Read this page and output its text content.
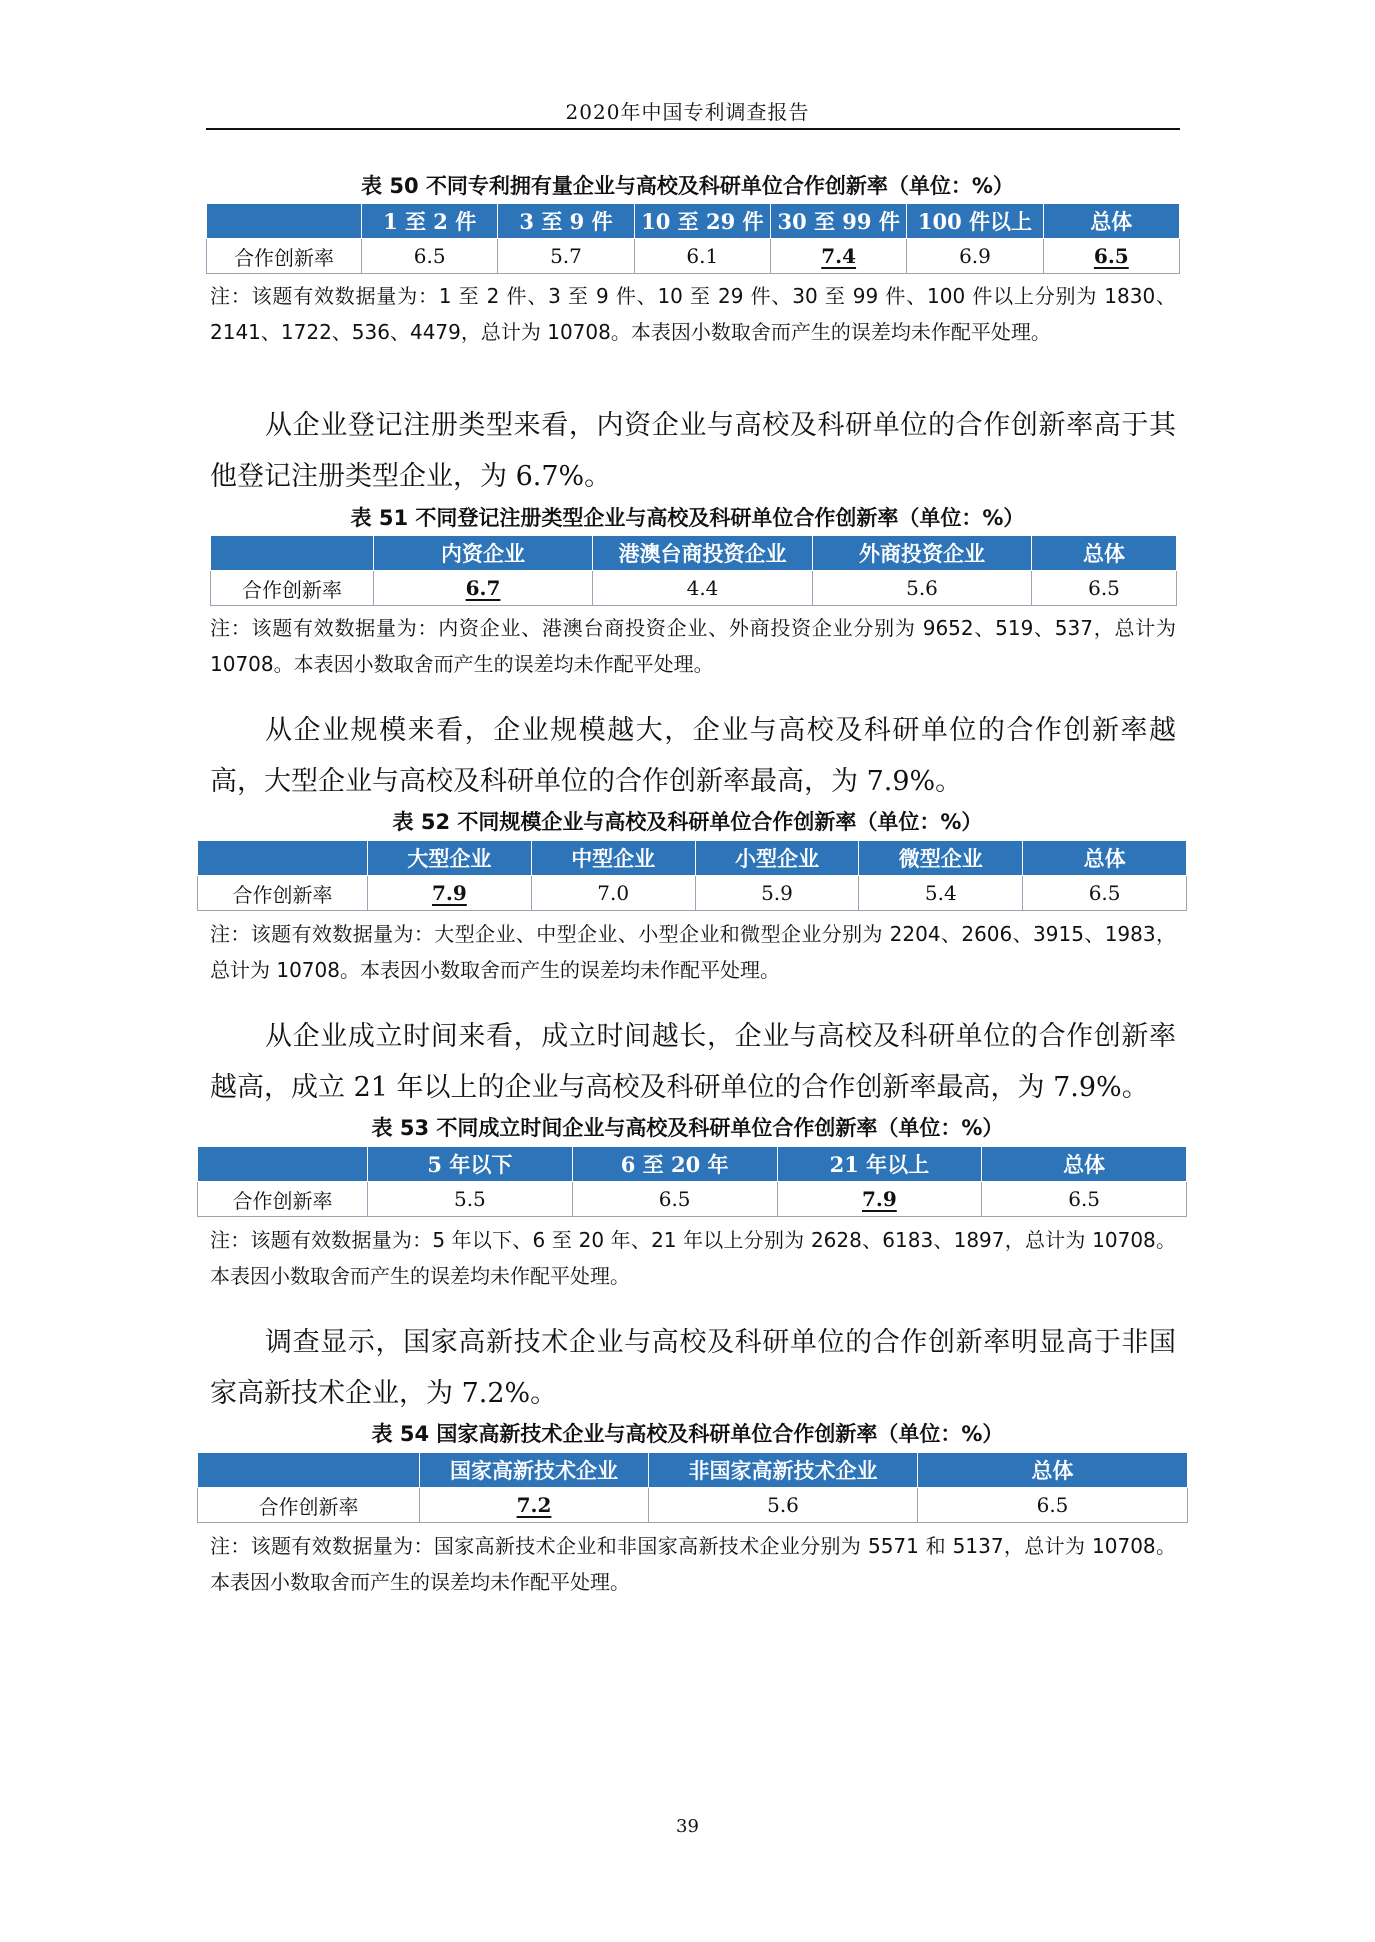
2020年中国专利调查报告
表 50 不同专利拥有量企业与高校及科研单位合作创新率（单位：%）
	1 至 2 件	3 至 9 件	10 至 29 件	30 至 99 件	100 件以上	总体
合作创新率	6.5	5.7	6.1	7.4	6.9	6.5
注：该题有效数据量为：1 至 2 件、3 至 9 件、10 至 29 件、30 至 99 件、100 件以上分别为 1830、2141、1722、536、4479，总计为 10708。本表因小数取舍而产生的误差均未作配平处理。
从企业登记注册类型来看，内资企业与高校及科研单位的合作创新率高于其他登记注册类型企业，为 6.7%。
表 51 不同登记注册类型企业与高校及科研单位合作创新率（单位：%）
	内资企业	港澳台商投资企业	外商投资企业	总体
合作创新率	6.7	4.4	5.6	6.5
注：该题有效数据量为：内资企业、港澳台商投资企业、外商投资企业分别为 9652、519、537，总计为 10708。本表因小数取舍而产生的误差均未作配平处理。
从企业规模来看，企业规模越大，企业与高校及科研单位的合作创新率越高，大型企业与高校及科研单位的合作创新率最高，为 7.9%。
表 52 不同规模企业与高校及科研单位合作创新率（单位：%）
	大型企业	中型企业	小型企业	微型企业	总体
合作创新率	7.9	7.0	5.9	5.4	6.5
注：该题有效数据量为：大型企业、中型企业、小型企业和微型企业分别为 2204、2606、3915、1983，总计为 10708。本表因小数取舍而产生的误差均未作配平处理。
从企业成立时间来看，成立时间越长，企业与高校及科研单位的合作创新率越高，成立 21 年以上的企业与高校及科研单位的合作创新率最高，为 7.9%。
表 53 不同成立时间企业与高校及科研单位合作创新率（单位：%）
	5 年以下	6 至 20 年	21 年以上	总体
合作创新率	5.5	6.5	7.9	6.5
注：该题有效数据量为：5 年以下、6 至 20 年、21 年以上分别为 2628、6183、1897，总计为 10708。本表因小数取舍而产生的误差均未作配平处理。
调查显示，国家高新技术企业与高校及科研单位的合作创新率明显高于非国家高新技术企业，为 7.2%。
表 54 国家高新技术企业与高校及科研单位合作创新率（单位：%）
	国家高新技术企业	非国家高新技术企业	总体
合作创新率	7.2	5.6	6.5
注：该题有效数据量为：国家高新技术企业和非国家高新技术企业分别为 5571 和 5137，总计为 10708。本表因小数取舍而产生的误差均未作配平处理。
39
